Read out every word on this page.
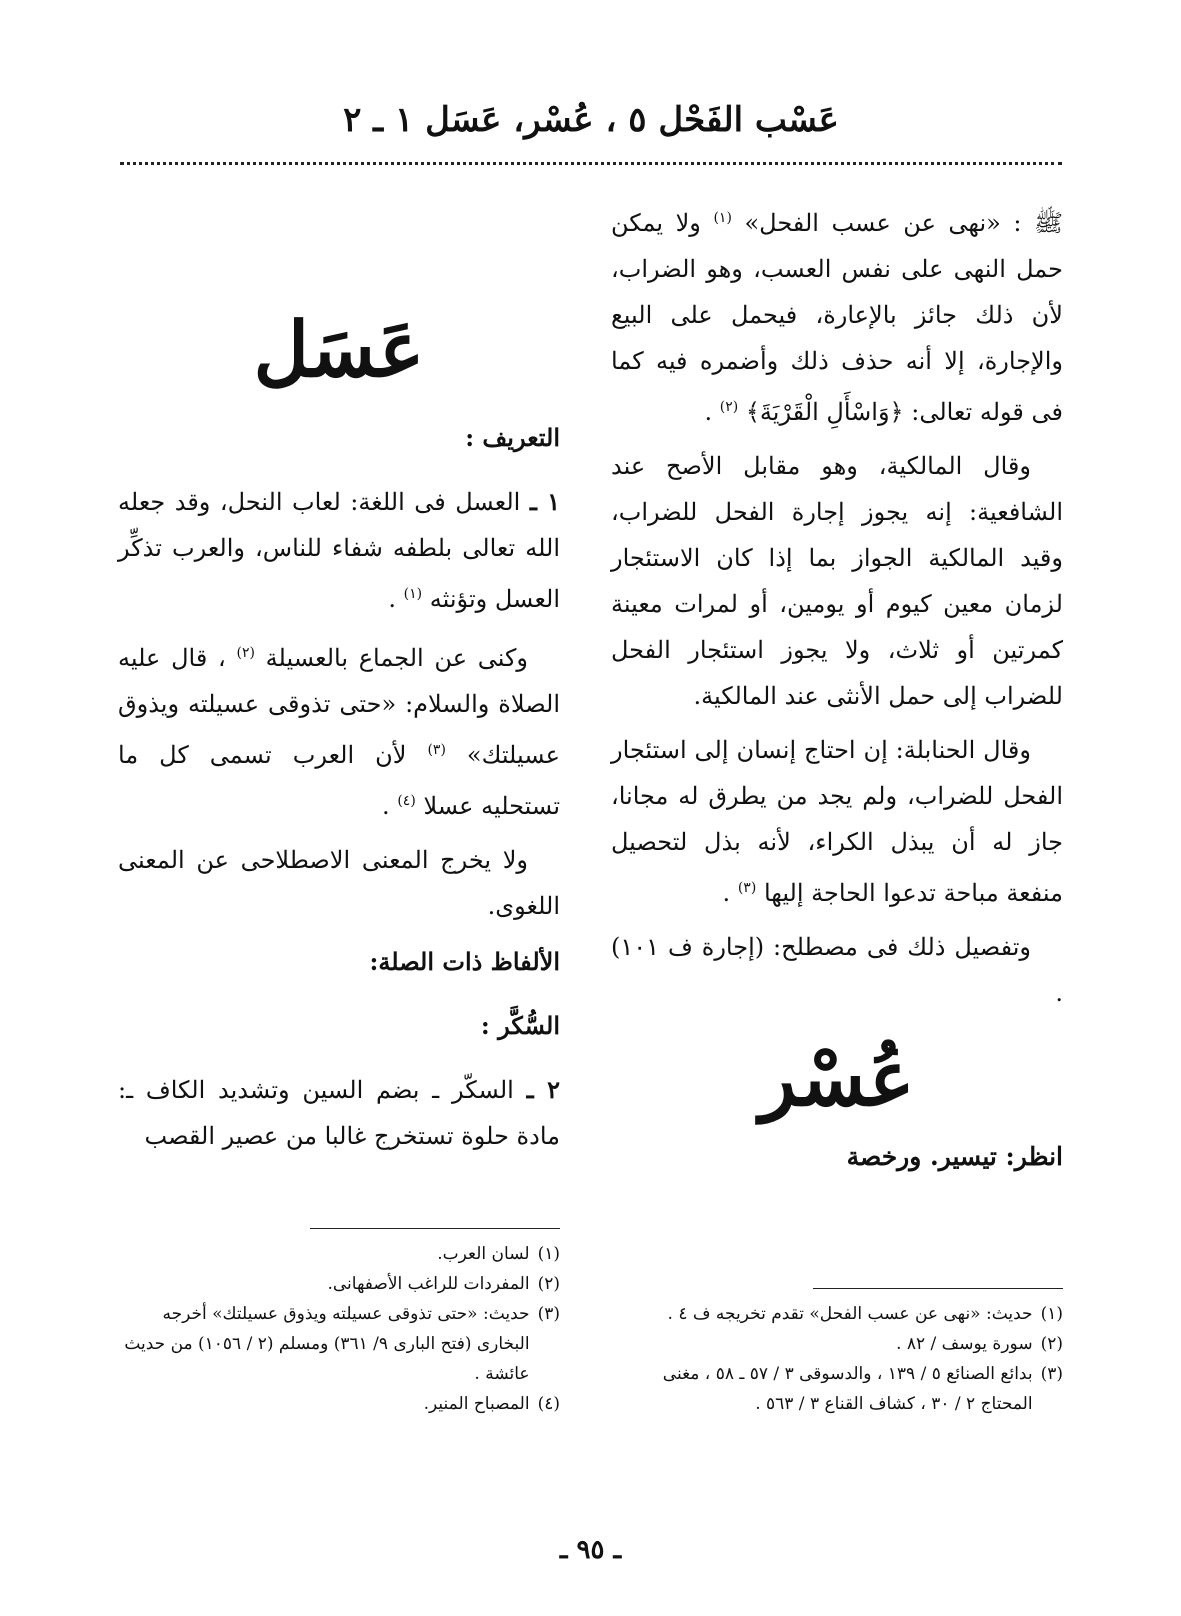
عَسْب الفَحْل ٥ ، عُسْر، عَسَل ١ ـ ٢

ﷺ : «نهى عن عسب الفحل» $^{(١)}$ ولا يمكن حمل النهى على نفس العسب، وهو الضراب، لأن ذلك جائز بالإعارة، فيحمل على البيع والإجارة، إلا أنه حذف ذلك وأضمره فيه كما فى قوله تعالى: ﴿وَاسْأَلِ الْقَرْيَةَ﴾ $^{(٢)}$ .

وقال المالكية، وهو مقابل الأصح عند الشافعية: إنه يجوز إجارة الفحل للضراب، وقيد المالكية الجواز بما إذا كان الاستئجار لزمان معين كيوم أو يومين، أو لمرات معينة كمرتين أو ثلاث، ولا يجوز استئجار الفحل للضراب إلى حمل الأنثى عند المالكية.

وقال الحنابلة: إن احتاج إنسان إلى استئجار الفحل للضراب، ولم يجد من يطرق له مجانا، جاز له أن يبذل الكراء، لأنه بذل لتحصيل منفعة مباحة تدعوا الحاجة إليها $^{(٣)}$ .

وتفصيل ذلك فى مصطلح: (إجارة ف ١٠١) .

عُسْر

انظر: تيسير. ورخصة

عَسَل
التعريف :

١ ـ العسل فى اللغة: لعاب النحل، وقد جعله الله تعالى بلطفه شفاء للناس، والعرب تذكِّر العسل وتؤنثه $^{(١)}$ .

وكنى عن الجماع بالعسيلة $^{(٢)}$ ، قال عليه الصلاة والسلام: «حتى تذوقى عسيلته ويذوق عسيلتك» $^{(٣)}$ لأن العرب تسمى كل ما تستحليه عسلا $^{(٤)}$ .

ولا يخرج المعنى الاصطلاحى عن المعنى اللغوى.

الألفاظ ذات الصلة:
السُّكَّر :

٢ ـ السكّر ـ بضم السين وتشديد الكاف ـ: مادة حلوة تستخرج غالبا من عصير القصب

(١)
حديث: «نهى عن عسب الفحل» تقدم تخريجه ف ٤ .
(٢)
سورة يوسف / ٨٢ .
(٣)
بدائع الصنائع ٥ / ١٣٩ ، والدسوقى ٣ / ٥٧ ـ ٥٨ ، مغنى المحتاج ٢ / ٣٠ ، كشاف القناع ٣ / ٥٦٣ .
(١)
لسان العرب.
(٢)
المفردات للراغب الأصفهانى.
(٣)
حديث: «حتى تذوقى عسيلته ويذوق عسيلتك» أخرجه البخارى (فتح البارى ٩/ ٣٦١) ومسلم (٢ / ١٠٥٦) من حديث عائشة .
(٤)
المصباح المنير.
ـ ٩٥ ـ
